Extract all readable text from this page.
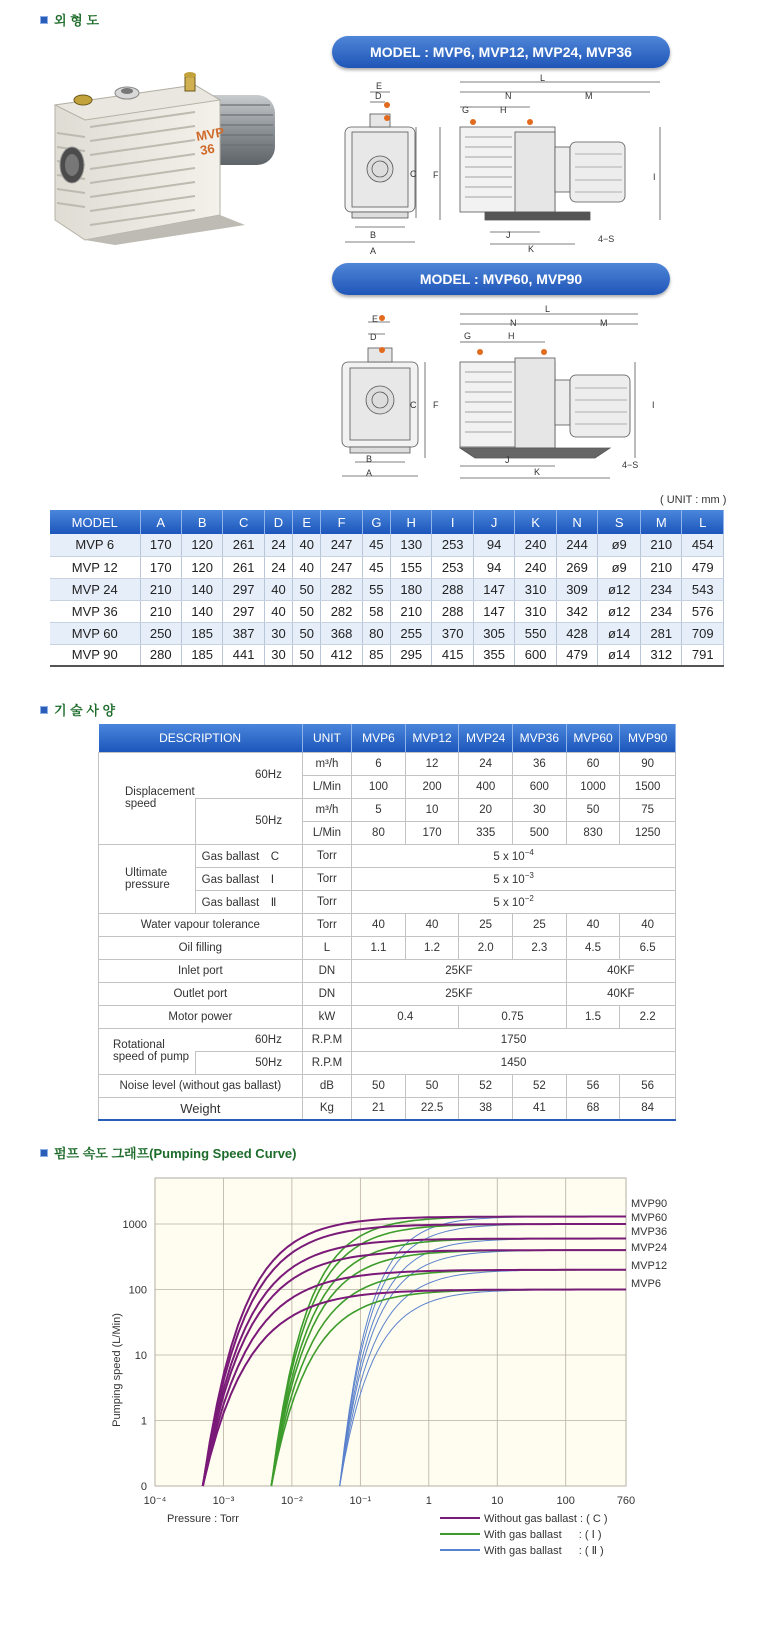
외 형 도
MVP
36
MODEL : MVP6, MVP12, MVP24, MVP36
E
D
C
B
A
F
L
N	M
G	H
I
J
K
4−S
MODEL : MVP60, MVP90
E
D
C
B
A
F
L
N	M
G	H
I
J
K
4−S
( UNIT : mm )
MODEL	A	B	C	D	E	F	G	H	I	J	K	N	S	M	L
MVP 6	170	120	261	24	40	247	45	130	253	94	240	244	ø9	210	454
MVP 12	170	120	261	24	40	247	45	155	253	94	240	269	ø9	210	479
MVP 24	210	140	297	40	50	282	55	180	288	147	310	309	ø12	234	543
MVP 36	210	140	297	40	50	282	58	210	288	147	310	342	ø12	234	576
MVP 60	250	185	387	30	50	368	80	255	370	305	550	428	ø14	281	709
MVP 90	280	185	441	30	50	412	85	295	415	355	600	479	ø14	312	791
기 술 사 양
DESCRIPTION		UNIT	MVP6	MVP12	MVP24	MVP36	MVP60	MVP90
Displacement speed	60Hz	m³/h	6	12	24	36	60	90
		L/Min	100	200	400	600	1000	1500
	50Hz	m³/h	5	10	20	30	50	75
		L/Min	80	170	335	500	830	1250
Ultimate pressure	Gas ballast　C	Torr	5 x $10^{-4}$
	Gas ballast　Ⅰ	Torr	5 x $10^{-3}$
	Gas ballast　Ⅱ	Torr	5 x $10^{-2}$
Water vapour tolerance		Torr	40	40	25	25	40	40
Oil filling		L	1.1	1.2	2.0	2.3	4.5	6.5
Inlet port		DN	25KF				40KF	
Outlet port		DN	25KF				40KF	
Motor power		kW	0.4		0.75		1.5	2.2
Rotational speed of pump	60Hz	R.P.M	1750					
	50Hz	R.P.M	1450					
Noise level (without gas ballast)		dB	50	50	52	52	56	56
Weight		Kg	21	22.5	38	41	68	84
펌프 속도 그래프(Pumping Speed Curve)
10⁻⁴	10⁻³	10⁻²	10⁻¹	1	10	100	760
0
1
10
100
1000
MVP90
MVP60
MVP36
MVP24
MVP12
MVP6
Pumping speed (L/Min)
Pressure : Torr	Without gas ballast : ( C )
With gas ballast 　 : ( Ⅰ )
With gas ballast 　 : ( Ⅱ )
